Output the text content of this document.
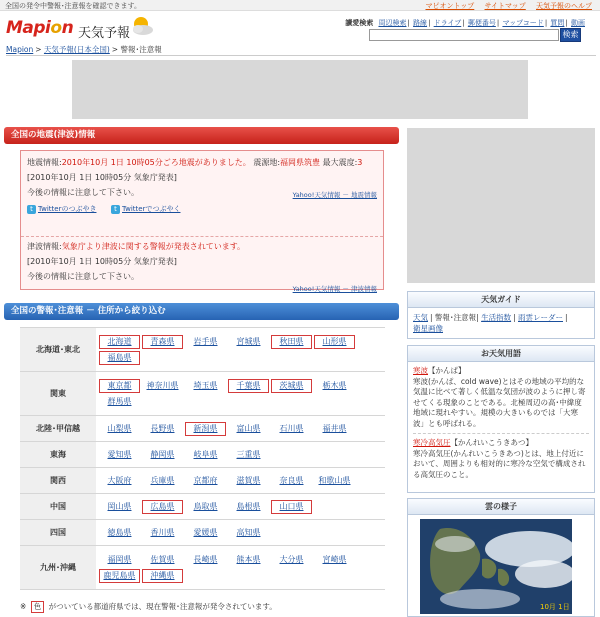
全国の発令中警報･注意報を確認できます。	マピオントップ サイトマップ 天気予報のヘルプ
Mapion 天気予報
讀愛検索 周辺検索| 路線| ドライブ| 郵便番号| マップコード| 質問| 動画
検索
Mapion > 天気予報(日本全国) > 警報･注意報
全国の地震(津波)情報
地震情報:2010年10月 1日 10時05分ごろ地震がありました。 震源地:福岡県筑豊 最大震度:3
[2010年10月 1日 10時05分 気象庁発表]
今後の情報に注意して下さい。	Yahoo!天気情報 － 地震情報
t Twitterのつぶやき	t Twitterでつぶやく
津波情報:気象庁より津波に関する警報が発表されています。
[2010年10月 1日 10時05分 気象庁発表]
今後の情報に注意して下さい。
Yahoo!天気情報 － 津波情報
全国の警報･注意報 － 住所から絞り込む
北海道･東北	北海道 青森県 岩手県 宮城県 秋田県 山形県福島県
関東	東京都 神奈川県 埼玉県 千葉県 茨城県 栃木県群馬県
北陸･甲信越	山梨県 長野県 新潟県 富山県 石川県 福井県
東海	愛知県 静岡県 岐阜県 三重県
関西	大阪府 兵庫県 京都府 滋賀県 奈良県 和歌山県
中国	岡山県 広島県 鳥取県 島根県 山口県
四国	徳島県 香川県 愛媛県 高知県
九州･沖縄	福岡県 佐賀県 長崎県 熊本県 大分県 宮崎県鹿児島県 沖縄県
※ 色 がついている都道府県では、現在警報･注意報が発令されています。
天気ガイド
天気 | 警報･注意報| 生活指数 | 雨雲レーダー |
衛星画像
お天気用語
寒波【かんぱ】
寒波(かんぱ、cold wave)とはその地域の平均的な気温に比べて著しく低温な気団が波のように押し寄せてくる現象のことである。北極周辺の高･中緯度地域に現れやすい。規模の大きいものでは「大寒波」とも呼ばれる。
寒冷高気圧【かんれいこうきあつ】
寒冷高気圧(かんれいこうきあつ)とは、地上付近において、周囲よりも相対的に寒冷な空気で構成される高気圧のこと。
雲の様子
10月 1日
